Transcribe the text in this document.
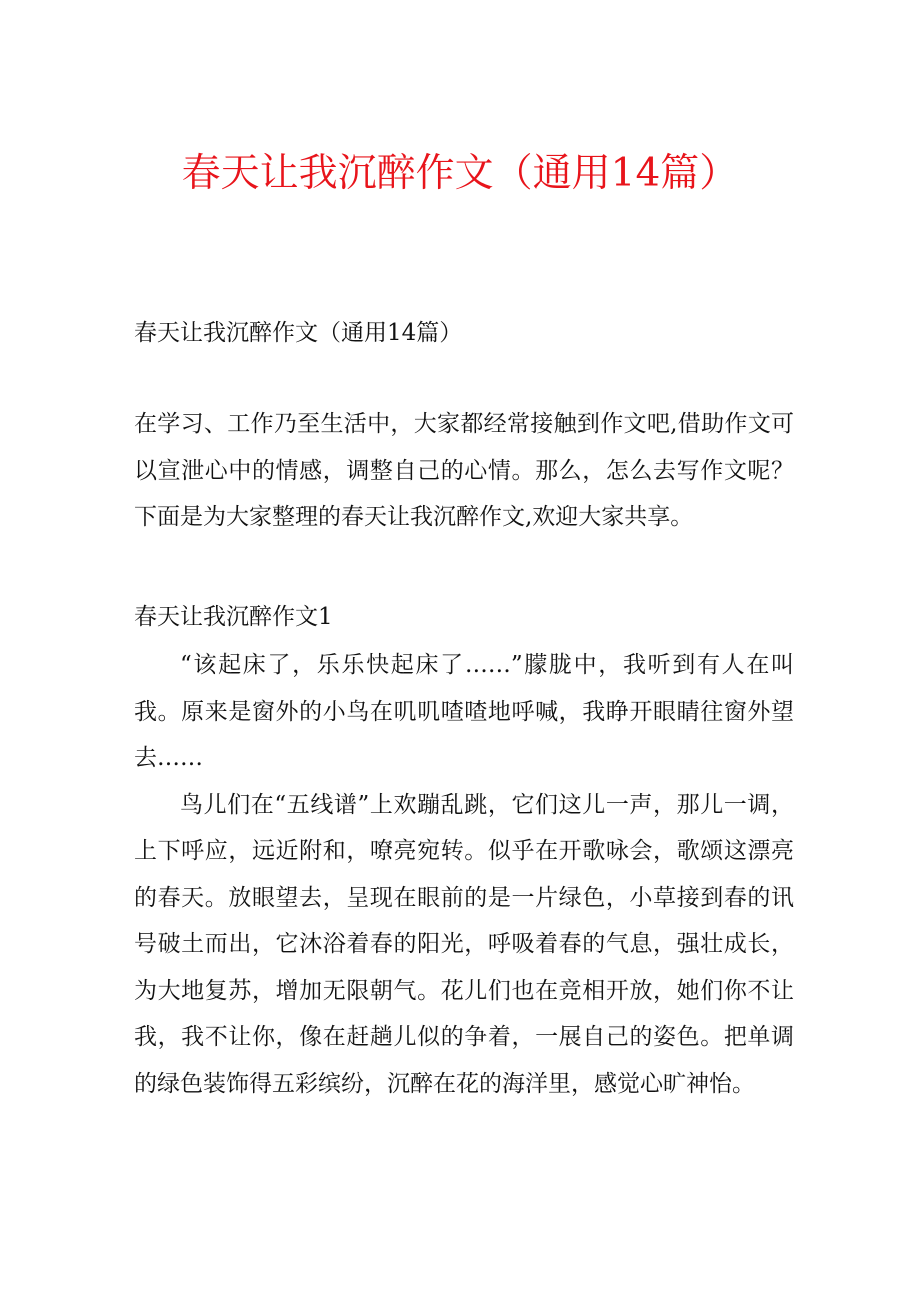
春天让我沉醉作文（通用14篇）
春天让我沉醉作文（通用14篇）
在学习、工作乃至生活中，大家都经常接触到作文吧,借助作文可以宣泄心中的情感，调整自己的心情。那么，怎么去写作文呢？下面是为大家整理的春天让我沉醉作文,欢迎大家共享。
春天让我沉醉作文1

“该起床了，乐乐快起床了……”朦胧中，我听到有人在叫我。原来是窗外的小鸟在叽叽喳喳地呼喊，我睁开眼睛往窗外望去……

鸟儿们在“五线谱”上欢蹦乱跳，它们这儿一声，那儿一调，上下呼应，远近附和，嘹亮宛转。似乎在开歌咏会，歌颂这漂亮的春天。放眼望去，呈现在眼前的是一片绿色，小草接到春的讯号破土而出，它沐浴着春的阳光，呼吸着春的气息，强壮成长，为大地复苏，增加无限朝气。花儿们也在竞相开放，她们你不让我，我不让你，像在赶趟儿似的争着，一展自己的姿色。把单调的绿色装饰得五彩缤纷，沉醉在花的海洋里，感觉心旷神怡。
